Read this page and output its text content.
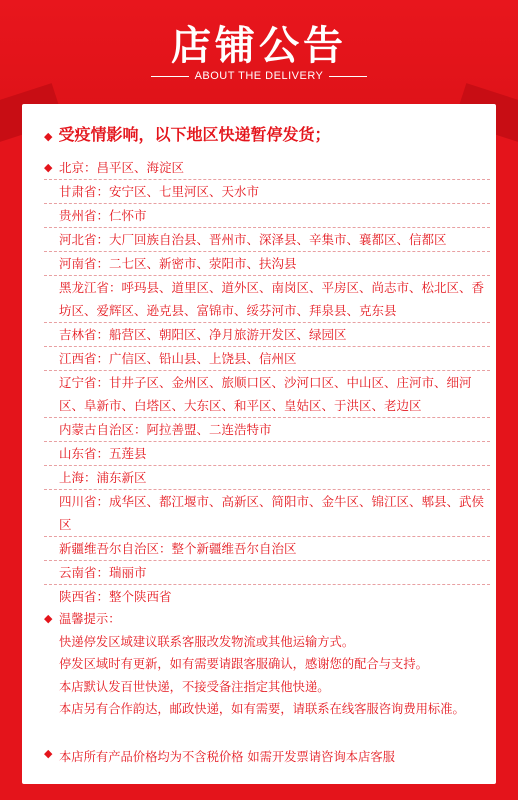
店铺公告
ABOUT THE DELIVERY
◆ 受疫情影响，以下地区快递暂停发货；
◆ 北京：昌平区、海淀区
甘肃省：安宁区、七里河区、天水市
贵州省：仁怀市
河北省：大厂回族自治县、晋州市、深泽县、辛集市、襄都区、信都区
河南省：二七区、新密市、荥阳市、扶沟县
黑龙江省：呼玛县、道里区、道外区、南岗区、平房区、尚志市、松北区、香坊区、爱辉区、逊克县、富锦市、绥芬河市、拜泉县、克东县
吉林省：船营区、朝阳区、净月旅游开发区、绿园区
江西省：广信区、铅山县、上饶县、信州区
辽宁省：甘井子区、金州区、旅顺口区、沙河口区、中山区、庄河市、细河区、阜新市、白塔区、大东区、和平区、皇姑区、于洪区、老边区
内蒙古自治区：阿拉善盟、二连浩特市
山东省：五莲县
上海：浦东新区
四川省：成华区、都江堰市、高新区、简阳市、金牛区、锦江区、郫县、武侯区
新疆维吾尔自治区：整个新疆维吾尔自治区
云南省：瑞丽市
陕西省：整个陕西省
◆ 温馨提示：
快递停发区域建议联系客服改发物流或其他运输方式。
停发区域时有更新，如有需要请跟客服确认，感谢您的配合与支持。
本店默认发百世快递，不接受备注指定其他快递。
本店另有合作韵达，邮政快递，如有需要，请联系在线客服咨询费用标准。
◆ 本店所有产品价格均为不含税价格 如需开发票请咨询本店客服
